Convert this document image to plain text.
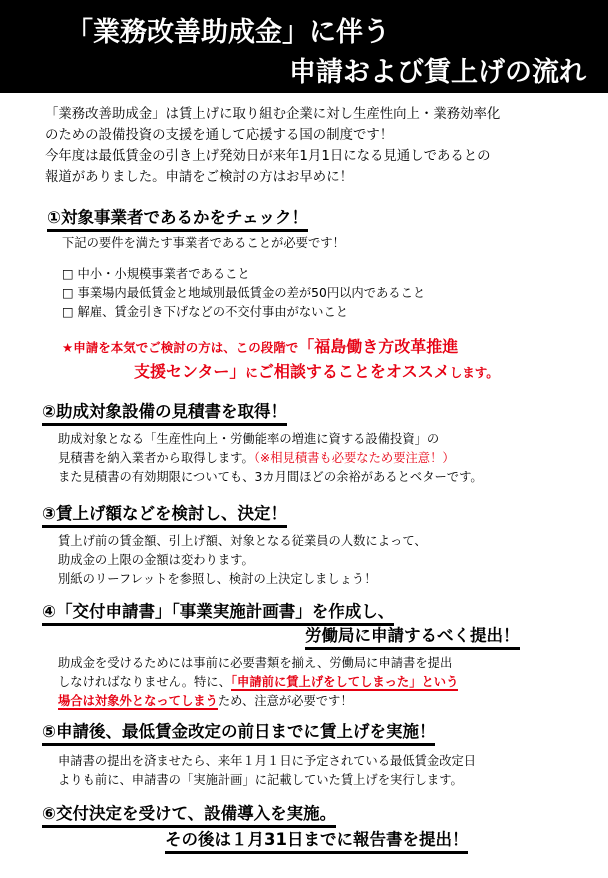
「業務改善助成金」に伴う
申請および賃上げの流れ
「業務改善助成金」は賃上げに取り組む企業に対し生産性向上・業務効率化
のための設備投資の支援を通して応援する国の制度です！
今年度は最低賃金の引き上げ発効日が来年1月1日になる見通しであるとの
報道がありました。申請をご検討の方はお早めに！
①対象事業者であるかをチェック！
下記の要件を満たす事業者であることが必要です！
□ 中小・小規模事業者であること
□ 事業場内最低賃金と地域別最低賃金の差が50円以内であること
□ 解雇、賃金引き下げなどの不交付事由がないこと
★申請を本気でご検討の方は、この段階で「福島働き方改革推進
支援センター」にご相談することをオススメします。
②助成対象設備の見積書を取得！
助成対象となる「生産性向上・労働能率の増進に資する設備投資」の
見積書を納入業者から取得します。（※相見積書も必要なため要注意！）
また見積書の有効期限についても、3カ月間ほどの余裕があるとベターです。
③賃上げ額などを検討し、決定！
賃上げ前の賃金額、引上げ額、対象となる従業員の人数によって、
助成金の上限の金額は変わります。
別紙のリーフレットを参照し、検討の上決定しましょう！
④「交付申請書」「事業実施計画書」を作成し、
労働局に申請するべく提出！
助成金を受けるためには事前に必要書類を揃え、労働局に申請書を提出
しなければなりません。特に、「申請前に賃上げをしてしまった」という
場合は対象外となってしまうため、注意が必要です！
⑤申請後、最低賃金改定の前日までに賃上げを実施！
申請書の提出を済ませたら、来年１月１日に予定されている最低賃金改定日
よりも前に、申請書の「実施計画」に記載していた賃上げを実行します。
⑥交付決定を受けて、設備導入を実施。
その後は１月31日までに報告書を提出！
